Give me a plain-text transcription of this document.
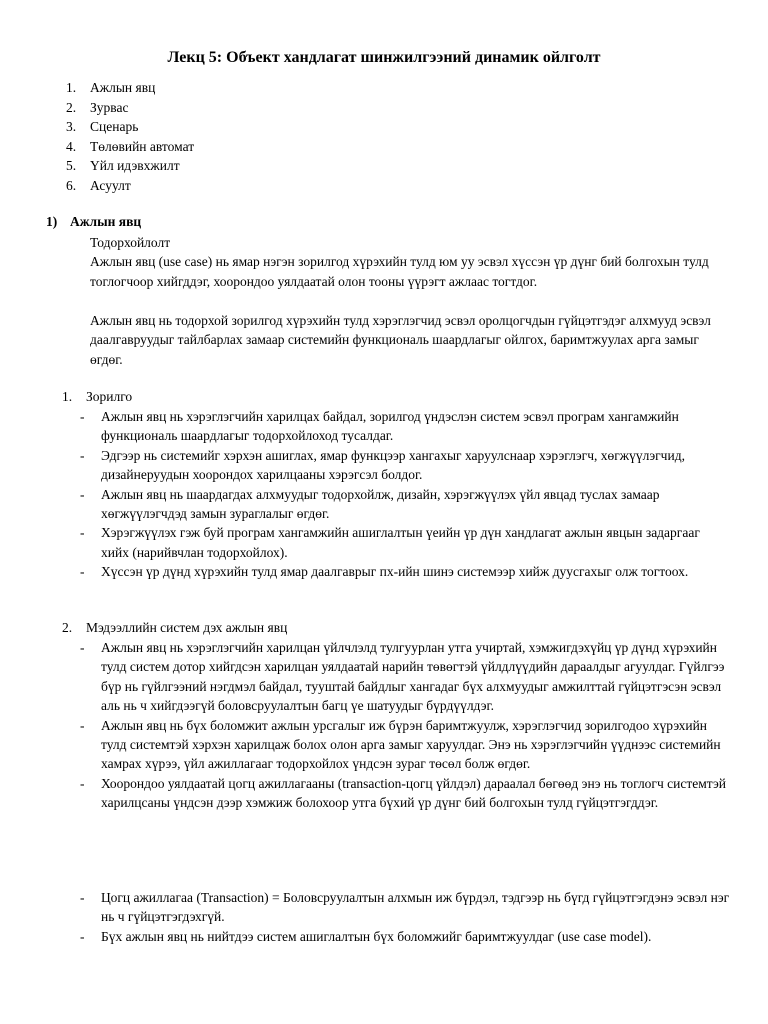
Лекц 5: Объект хандлагат шинжилгээний динамик ойлголт
1. Ажлын явц
2. Зурвас
3. Сценарь
4. Төлөвийн автомат
5. Үйл идэвхжилт
6. Асуулт
1) Ажлын явц

Тодорхойлолт

Ажлын явц (use case) нь ямар нэгэн зорилгод хүрэхийн тулд юм уу эсвэл хүссэн үр дүнг бий болгохын тулд тоглогчоор хийгддэг, хоорондоо уялдаатай олон тооны үүрэгт ажлаас тогтдог.

Ажлын явц нь тодорхой зорилгод хүрэхийн тулд хэрэглэгчид эсвэл оролцогчдын гүйцэтгэдэг алхмууд эсвэл даалгавруудыг тайлбарлах замаар системийн функциональ шаардлагыг ойлгох, баримтжуулах арга замыг өгдөг.

1. Зорилго
- Ажлын явц нь хэрэглэгчийн харилцах байдал, зорилгод үндэслэн систем эсвэл програм хангамжийн функциональ шаардлагыг тодорхойлоход тусалдаг.
- Эдгээр нь системийг хэрхэн ашиглах, ямар функцээр хангахыг харуулснаар хэрэглэгч, хөгжүүлэгчид, дизайнеруудын хоорондох харилцааны хэрэгсэл болдог.
- Ажлын явц нь шаардагдах алхмуудыг тодорхойлж, дизайн, хэрэгжүүлэх үйл явцад туслах замаар хөгжүүлэгчдэд замын зураглалыг өгдөг.
- Хэрэгжүүлэх гэж буй програм хангамжийн ашиглалтын үеийн үр дүн хандлагат ажлын явцын задаргааг хийх (нарийвчлан тодорхойлох).
- Хүссэн үр дүнд хүрэхийн тулд ямар даалгаврыг пх-ийн шинэ системээр хийж дуусгахыг олж тогтоох.
2. Мэдээллийн систем дэх ажлын явц
- Ажлын явц нь хэрэглэгчийн харилцан үйлчлэлд тулгуурлан утга учиртай, хэмжигдэхүйц үр дүнд хүрэхийн тулд систем дотор хийгдсэн харилцан уялдаатай нарийн төвөгтэй үйлдлүүдийн дараалдыг агуулдаг. Гүйлгээ бүр нь гүйлгээний нэгдмэл байдал, тууштай байдлыг хангадаг бүх алхмуудыг амжилттай гүйцэтгэсэн эсвэл аль нь ч хийгдээгүй боловсруулалтын багц үе шатуудыг бүрдүүлдэг.
- Ажлын явц нь бүх боломжит ажлын урсгалыг иж бүрэн баримтжуулж, хэрэглэгчид зорилгодоо хүрэхийн тулд системтэй хэрхэн харилцаж болох олон арга замыг харуулдаг. Энэ нь хэрэглэгчийн үүднээс системийн хамрах хүрээ, үйл ажиллагааг тодорхойлох үндсэн зураг төсөл болж өгдөг.
- Хоорондоо уялдаатай цогц ажиллагааны (transaction-цогц үйлдэл) дараалал бөгөөд энэ нь тоглогч системтэй харилцсаны үндсэн дээр хэмжиж болохоор утга бүхий үр дүнг бий болгохын тулд гүйцэтгэгддэг.
- Цогц ажиллагаа (Transaction) = Боловсруулалтын алхмын иж бүрдэл, тэдгээр нь бүгд гүйцэтгэгдэнэ эсвэл нэг нь ч гүйцэтгэгдэхгүй.
- Бүх ажлын явц нь нийтдээ систем ашиглалтын бүх боломжийг баримтжуулдаг (use case model).
